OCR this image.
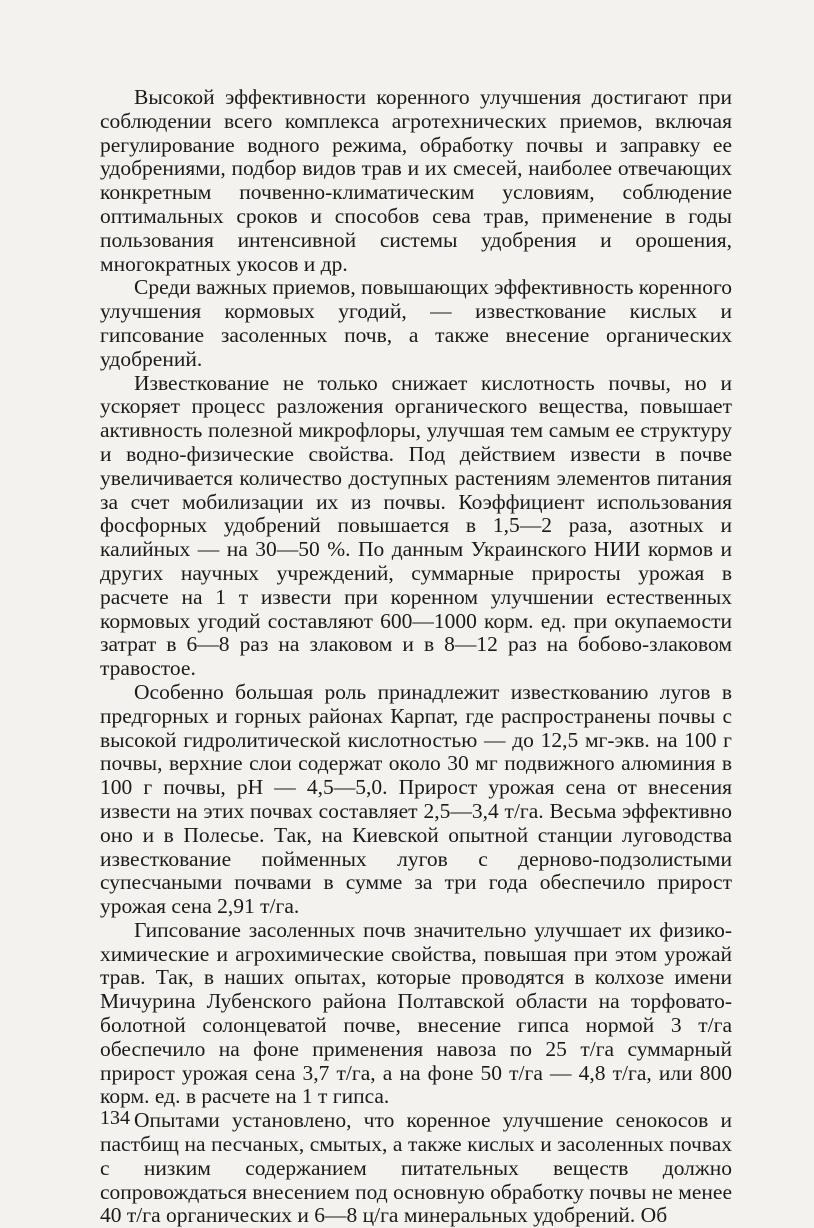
Высокой эффективности коренного улучшения достигают при соблюдении всего комплекса агротехнических приемов, включая регулирование водного режима, обработку почвы и заправку ее удобрениями, подбор видов трав и их смесей, наиболее отвечающих конкретным почвенно-климатическим условиям, соблюдение оптимальных сроков и способов сева трав, применение в годы пользования интенсивной системы удобрения и орошения, многократных укосов и др.

Среди важных приемов, повышающих эффективность коренного улучшения кормовых угодий, — известкование кислых и гипсование засоленных почв, а также внесение органических удобрений.

Известкование не только снижает кислотность почвы, но и ускоряет процесс разложения органического вещества, повышает активность полезной микрофлоры, улучшая тем самым ее структуру и водно-физические свойства. Под действием извести в почве увеличивается количество доступных растениям элементов питания за счет мобилизации их из почвы. Коэффициент использования фосфорных удобрений повышается в 1,5—2 раза, азотных и калийных — на 30—50 %. По данным Украинского НИИ кормов и других научных учреждений, суммарные приросты урожая в расчете на 1 т извести при коренном улучшении естественных кормовых угодий составляют 600—1000 корм. ед. при окупаемости затрат в 6—8 раз на злаковом и в 8—12 раз на бобово-злаковом травостое.

Особенно большая роль принадлежит известкованию лугов в предгорных и горных районах Карпат, где распространены почвы с высокой гидролитической кислотностью — до 12,5 мг-экв. на 100 г почвы, верхние слои содержат около 30 мг подвижного алюминия в 100 г почвы, pH — 4,5—5,0. Прирост урожая сена от внесения извести на этих почвах составляет 2,5—3,4 т/га. Весьма эффективно оно и в Полесье. Так, на Киевской опытной станции луговодства известкование пойменных лугов с дерново-подзолистыми супесчаными почвами в сумме за три года обеспечило прирост урожая сена 2,91 т/га.

Гипсование засоленных почв значительно улучшает их физико-химические и агрохимические свойства, повышая при этом урожай трав. Так, в наших опытах, которые проводятся в колхозе имени Мичурина Лубенского района Полтавской области на торфовато-болотной солонцеватой почве, внесение гипса нормой 3 т/га обеспечило на фоне применения навоза по 25 т/га суммарный прирост урожая сена 3,7 т/га, а на фоне 50 т/га — 4,8 т/га, или 800 корм. ед. в расчете на 1 т гипса.

Опытами установлено, что коренное улучшение сенокосов и пастбищ на песчаных, смытых, а также кислых и засоленных почвах с низким содержанием питательных веществ должно сопровождаться внесением под основную обработку почвы не менее 40 т/га органических и 6—8 ц/га минеральных удобрений. Об

134
